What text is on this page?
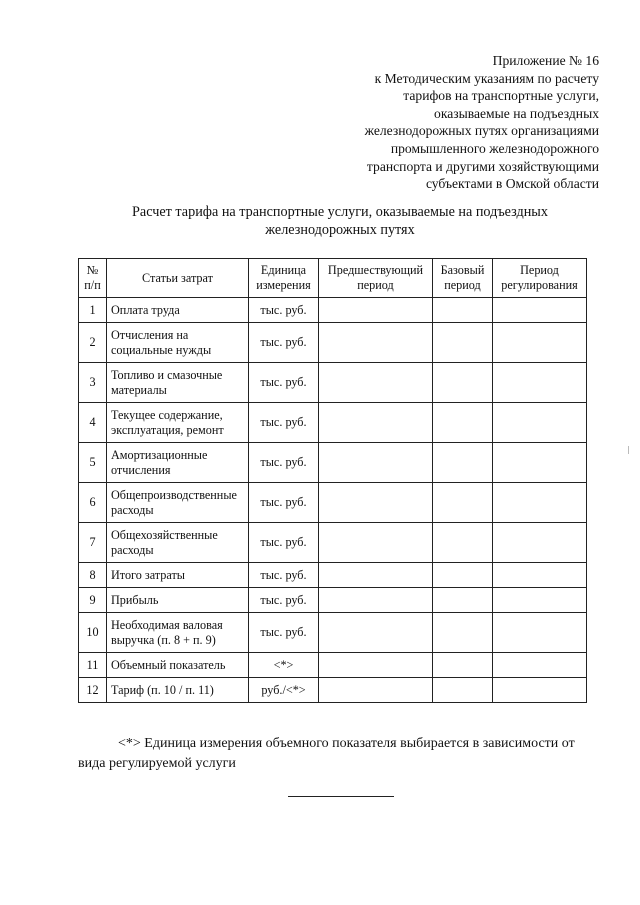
Приложение № 16
к Методическим указаниям по расчету
тарифов на транспортные услуги,
оказываемые на подъездных
железнодорожных путях организациями
промышленного железнодорожного
транспорта и другими хозяйствующими
субъектами в Омской области
Расчет тарифа на транспортные услуги, оказываемые на подъездных
железнодорожных путях
№ п/п	Статьи затрат	Единица измерения	Предшествующий период	Базовый период	Период регулирования
1	Оплата труда	тыс. руб.			
2	Отчисления на социальные нужды	тыс. руб.			
3	Топливо и смазочные материалы	тыс. руб.			
4	Текущее содержание, эксплуатация, ремонт	тыс. руб.			
5	Амортизационные отчисления	тыс. руб.			
6	Общепроизводственные расходы	тыс. руб.			
7	Общехозяйственные расходы	тыс. руб.			
8	Итого затраты	тыс. руб.			
9	Прибыль	тыс. руб.			
10	Необходимая валовая выручка (п. 8 + п. 9)	тыс. руб.			
11	Объемный показатель	<*>			
12	Тариф (п. 10 / п. 11)	руб./<*>			
<*> Единица измерения объемного показателя выбирается в зависимости от вида регулируемой услуги
